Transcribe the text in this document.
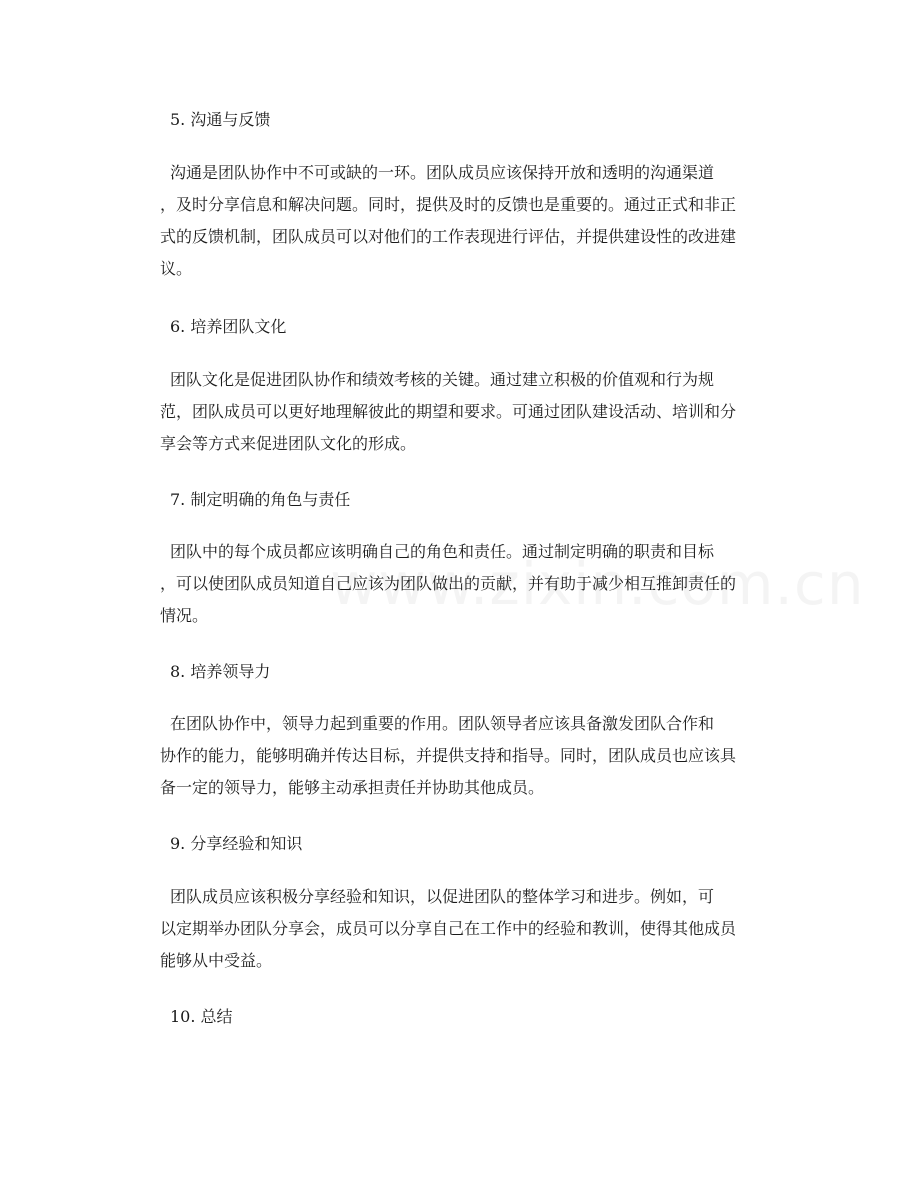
5. 沟通与反馈
沟通是团队协作中不可或缺的一环。团队成员应该保持开放和透明的沟通渠道
，及时分享信息和解决问题。同时，提供及时的反馈也是重要的。通过正式和非正
式的反馈机制，团队成员可以对他们的工作表现进行评估，并提供建设性的改进建
议。
6. 培养团队文化
团队文化是促进团队协作和绩效考核的关键。通过建立积极的价值观和行为规
范，团队成员可以更好地理解彼此的期望和要求。可通过团队建设活动、培训和分
享会等方式来促进团队文化的形成。
7. 制定明确的角色与责任
团队中的每个成员都应该明确自己的角色和责任。通过制定明确的职责和目标
，可以使团队成员知道自己应该为团队做出的贡献，并有助于减少相互推卸责任的
情况。
8. 培养领导力
在团队协作中，领导力起到重要的作用。团队领导者应该具备激发团队合作和
协作的能力，能够明确并传达目标，并提供支持和指导。同时，团队成员也应该具
备一定的领导力，能够主动承担责任并协助其他成员。
9. 分享经验和知识
团队成员应该积极分享经验和知识，以促进团队的整体学习和进步。例如，可
以定期举办团队分享会，成员可以分享自己在工作中的经验和教训，使得其他成员
能够从中受益。
10. 总结
